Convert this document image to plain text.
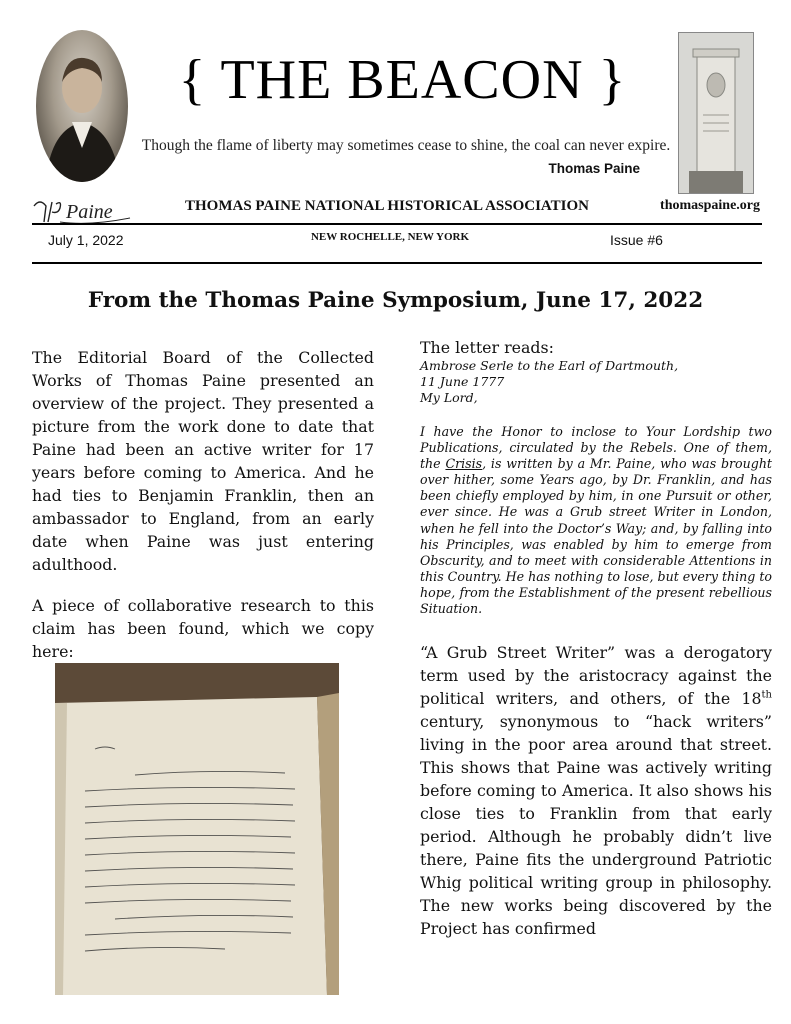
{ THE BEACON }
Though the flame of liberty may sometimes cease to shine, the coal can never expire.
Thomas Paine
Paine	THOMAS PAINE NATIONAL HISTORICAL ASSOCIATION	thomaspaine.org
July 1, 2022	NEW ROCHELLE, NEW YORK	Issue #6
From the Thomas Paine Symposium, June 17, 2022

The Editorial Board of the Collected Works of Thomas Paine presented an overview of the project. They presented a picture from the work done to date that Paine had been an active writer for 17 years before coming to America. And he had ties to Benjamin Franklin, then an ambassador to England, from an early date when Paine was just entering adulthood.

A piece of collaborative research to this claim has been found, which we copy here:

The letter reads:

Ambrose Serle to the Earl of Dartmouth,

11 June 1777

My Lord,

I have the Honor to inclose to Your Lordship two Publications, circulated by the Rebels. One of them, the Crisis, is written by a Mr. Paine, who was brought over hither, some Years ago, by Dr. Franklin, and has been chiefly employed by him, in one Pursuit or other, ever since. He was a Grub street Writer in London, when he fell into the Doctor’s Way; and, by falling into his Principles, was enabled by him to emerge from Obscurity, and to meet with considerable Attentions in this Country. He has nothing to lose, but every thing to hope, from the Establishment of the present rebellious Situation.

“A Grub Street Writer” was a derogatory term used by the aristocracy against the political writers, and others, of the 18th century, synonymous to “hack writers” living in the poor area around that street. This shows that Paine was actively writing before coming to America. It also shows his close ties to Franklin from that early period. Although he probably didn’t live there, Paine fits the underground Patriotic Whig political writing group in philosophy. The new works being discovered by the Project has confirmed
